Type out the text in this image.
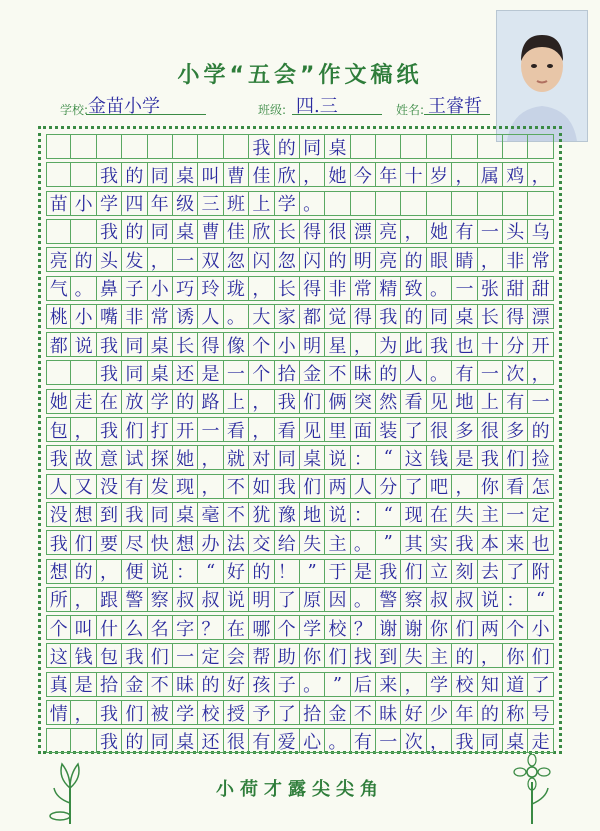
小学“五会”作文稿纸
学校: 金苗小学	班级: 四.三	姓名: 王睿哲
我 的 同 桌
我 的 同 桌 叫 曹 佳 欣 ， 她 今 年 十 岁 ， 属 鸡 ，
苗 小 学 四 年 级 三 班 上 学 。
我 的 同 桌 曹 佳 欣 长 得 很 漂 亮 ， 她 有 一 头 乌
亮 的 头 发 ， 一 双 忽 闪 忽 闪 的 明 亮 的 眼 睛 ， 非 常
气 。 鼻 子 小 巧 玲 珑 ， 长 得 非 常 精 致 。 一 张 甜 甜
桃 小 嘴 非 常 诱 人 。 大 家 都 觉 得 我 的 同 桌 长 得 漂
都 说 我 同 桌 长 得 像 个 小 明 星 ， 为 此 我 也 十 分 开
我 同 桌 还 是 一 个 拾 金 不 昧 的 人 。 有 一 次 ，
她 走 在 放 学 的 路 上 ， 我 们 俩 突 然 看 见 地 上 有 一
包 ， 我 们 打 开 一 看 ， 看 见 里 面 装 了 很 多 很 多 的
我 故 意 试 探 她 ， 就 对 同 桌 说 ： “ 这 钱 是 我 们 捡
人 又 没 有 发 现 ， 不 如 我 们 两 人 分 了 吧 ， 你 看 怎
没 想 到 我 同 桌 毫 不 犹 豫 地 说 ： “ 现 在 失 主 一 定
我 们 要 尽 快 想 办 法 交 给 失 主 。 ” 其 实 我 本 来 也
想 的 ， 便 说 ： “ 好 的 ！ ” 于 是 我 们 立 刻 去 了 附
所 ， 跟 警 察 叔 叔 说 明 了 原 因 。 警 察 叔 叔 说 ： “
个 叫 什 么 名 字 ？ 在 哪 个 学 校 ？ 谢 谢 你 们 两 个 小
这 钱 包 我 们 一 定 会 帮 助 你 们 找 到 失 主 的 ， 你 们
真 是 拾 金 不 昧 的 好 孩 子 。 ” 后 来 ， 学 校 知 道 了
情 ， 我 们 被 学 校 授 予 了 拾 金 不 昧 好 少 年 的 称 号
我 的 同 桌 还 很 有 爱 心 。 有 一 次 ， 我 同 桌 走
小荷才露尖尖角
